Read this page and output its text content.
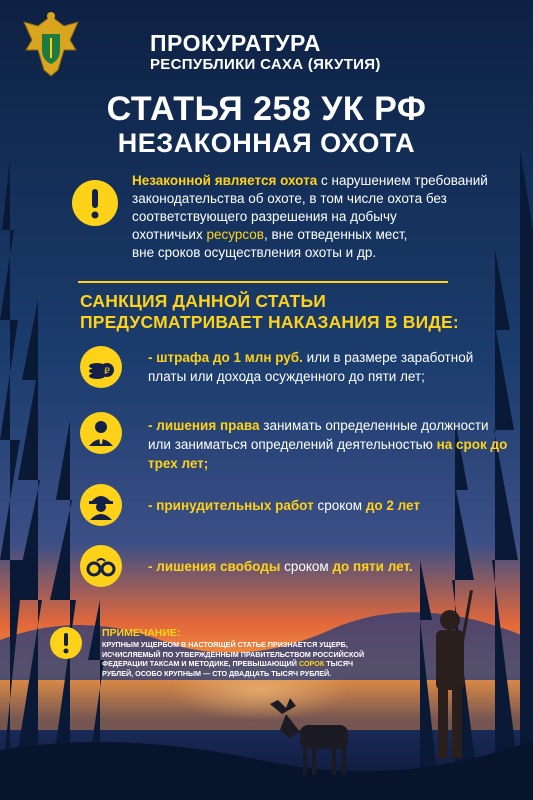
ПРОКУРАТУРА
РЕСПУБЛИКИ САХА (ЯКУТИЯ)
СТАТЬЯ 258 УК РФ
НЕЗАКОННАЯ ОХОТА
Незаконной является охота с нарушением требований законодательства об охоте, в том числе охота без соответствующего разрешения на добычу
охотничьих ресурсов, вне отведенных мест,
вне сроков осуществления охоты и др.
САНКЦИЯ ДАННОЙ СТАТЬИ
ПРЕДУСМАТРИВАЕТ НАКАЗАНИЯ В ВИДЕ:
₽
- штрафа до 1 млн руб. или в размере заработной платы или дохода осужденного до пяти лет;
- лишения права занимать определенные должности или заниматься определений деятельностью на срок до трех лет;
- принудительных работ сроком до 2 лет
- лишения свободы сроком до пяти лет.
ПРИМЕЧАНИЕ:
КРУПНЫМ УЩЕРБОМ В НАСТОЯЩЕЙ СТАТЬЕ ПРИЗНАЕТСЯ УЩЕРБ, ИСЧИСЛЯЕМЫЙ ПО УТВЕРЖДЕННЫМ ПРАВИТЕЛЬСТВОМ РОССИЙСКОЙ ФЕДЕРАЦИИ ТАКСАМ И МЕТОДИКЕ, ПРЕВЫШАЮЩИЙ СОРОК ТЫСЯЧ РУБЛЕЙ, ОСОБО КРУПНЫМ — СТО ДВАДЦАТЬ ТЫСЯЧ РУБЛЕЙ.
